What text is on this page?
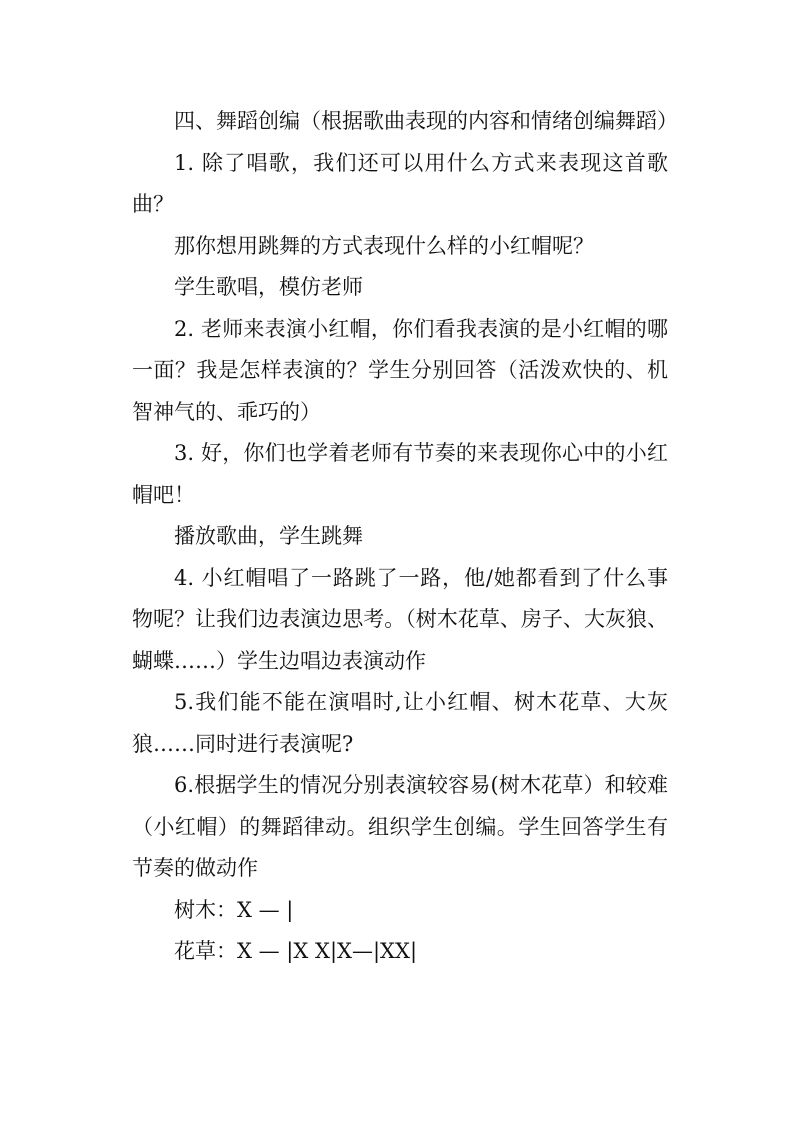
四、舞蹈创编（根据歌曲表现的内容和情绪创编舞蹈）

1. 除了唱歌，我们还可以用什么方式来表现这首歌曲？

那你想用跳舞的方式表现什么样的小红帽呢？

学生歌唱，模仿老师

2. 老师来表演小红帽，你们看我表演的是小红帽的哪一面？我是怎样表演的？学生分别回答（活泼欢快的、机智神气的、乖巧的）

3. 好，你们也学着老师有节奏的来表现你心中的小红帽吧！

播放歌曲，学生跳舞

4. 小红帽唱了一路跳了一路，他/她都看到了什么事物呢？让我们边表演边思考。（树木花草、房子、大灰狼、蝴蝶……）学生边唱边表演动作

5.我们能不能在演唱时,让小红帽、树木花草、大灰狼……同时进行表演呢?

6.根据学生的情况分别表演较容易(树木花草）和较难（小红帽）的舞蹈律动。组织学生创编。学生回答学生有节奏的做动作

树木：X — |

花草：X — |X X|X—|XX|
